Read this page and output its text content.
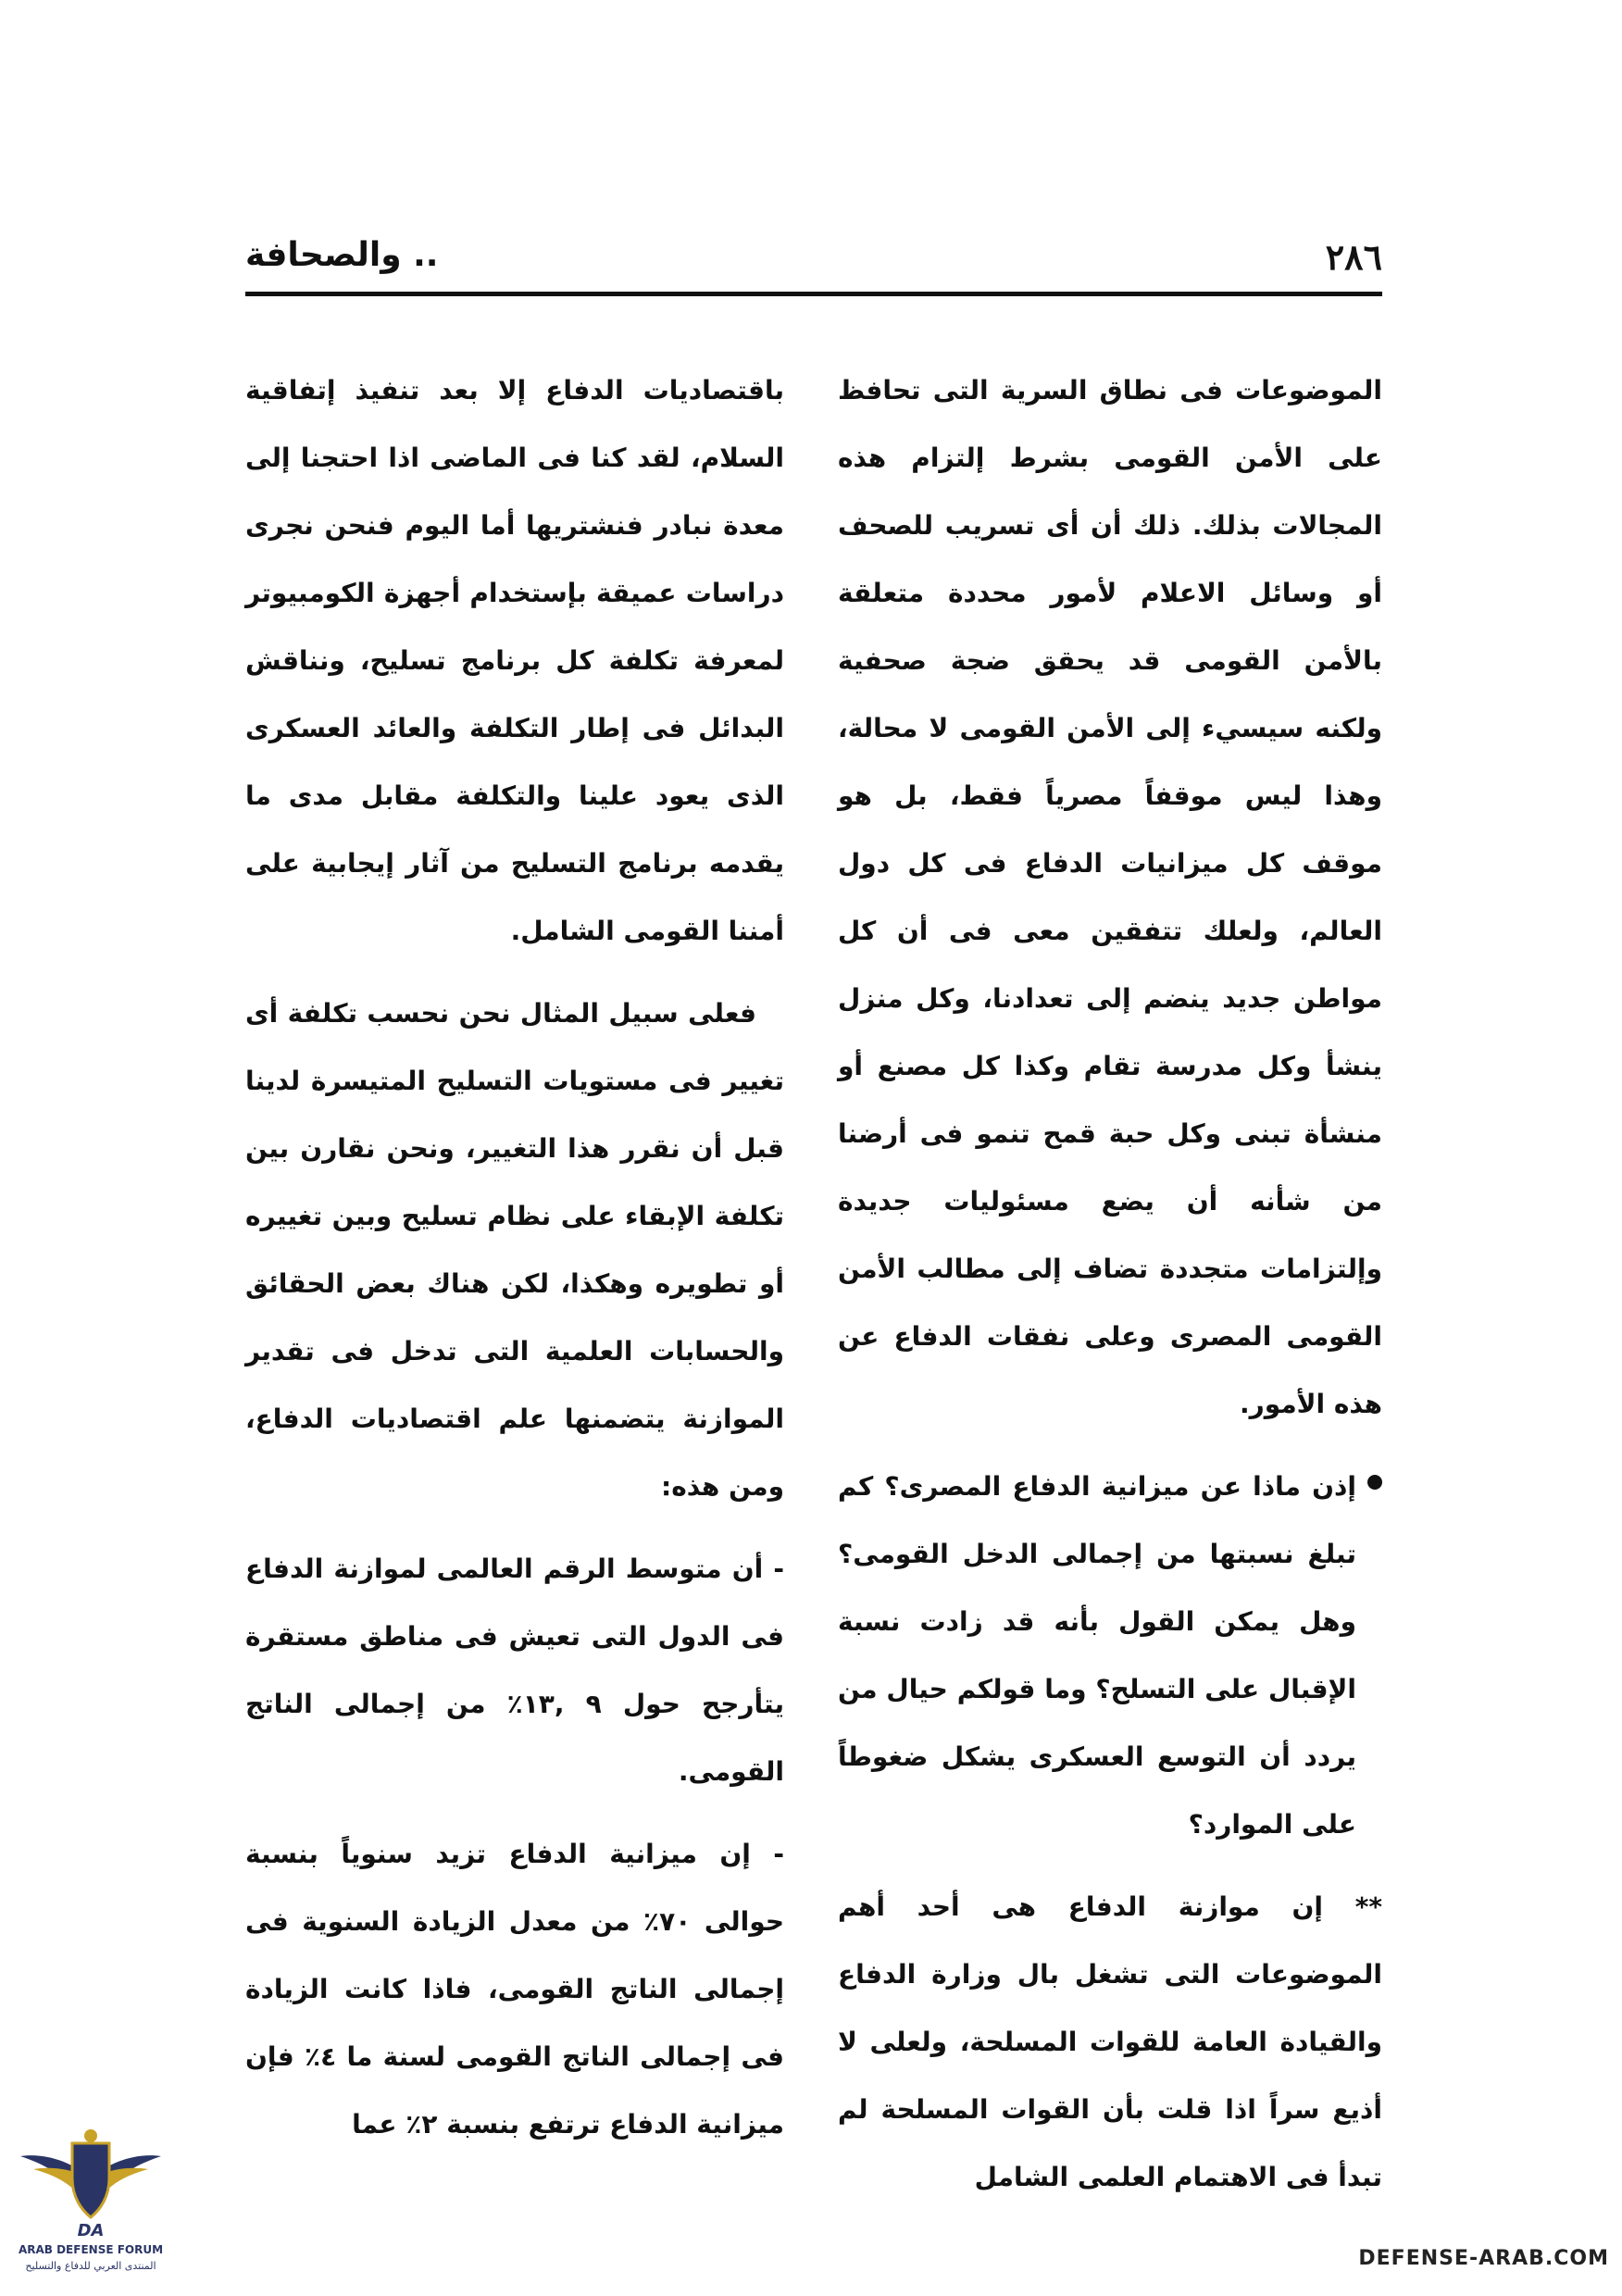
٢٨٦
.. والصحافة

الموضوعات فى نطاق السرية التى تحافظ على الأمن القومى بشرط إلتزام هذه المجالات بذلك. ذلك أن أى تسريب للصحف أو وسائل الاعلام لأمور محددة متعلقة بالأمن القومى قد يحقق ضجة صحفية ولكنه سيسيء إلى الأمن القومى لا محالة، وهذا ليس موقفاً مصرياً فقط، بل هو موقف كل ميزانيات الدفاع فى كل دول العالم، ولعلك تتفقين معى فى أن كل مواطن جديد ينضم إلى تعدادنا، وكل منزل ينشأ وكل مدرسة تقام وكذا كل مصنع أو منشأة تبنى وكل حبة قمح تنمو فى أرضنا من شأنه أن يضع مسئوليات جديدة وإلتزامات متجددة تضاف إلى مطالب الأمن القومى المصرى وعلى نفقات الدفاع عن هذه الأمور.

إذن ماذا عن ميزانية الدفاع المصرى؟ كم تبلغ نسبتها من إجمالى الدخل القومى؟ وهل يمكن القول بأنه قد زادت نسبة الإقبال على التسلح؟ وما قولكم حيال من يردد أن التوسع العسكرى يشكل ضغوطاً على الموارد؟

** إن موازنة الدفاع هى أحد أهم الموضوعات التى تشغل بال وزارة الدفاع والقيادة العامة للقوات المسلحة، ولعلى لا أذيع سراً اذا قلت بأن القوات المسلحة لم تبدأ فى الاهتمام العلمى الشامل

باقتصاديات الدفاع إلا بعد تنفيذ إتفاقية السلام، لقد كنا فى الماضى اذا احتجنا إلى معدة نبادر فنشتريها أما اليوم فنحن نجرى دراسات عميقة بإستخدام أجهزة الكومبيوتر لمعرفة تكلفة كل برنامج تسليح، ونناقش البدائل فى إطار التكلفة والعائد العسكرى الذى يعود علينا والتكلفة مقابل مدى ما يقدمه برنامج التسليح من آثار إيجابية على أمننا القومى الشامل.

فعلى سبيل المثال نحن نحسب تكلفة أى تغيير فى مستويات التسليح المتيسرة لدينا قبل أن نقرر هذا التغيير، ونحن نقارن بين تكلفة الإبقاء على نظام تسليح وبين تغييره أو تطويره وهكذا، لكن هناك بعض الحقائق والحسابات العلمية التى تدخل فى تقدير الموازنة يتضمنها علم اقتصاديات الدفاع، ومن هذه:

- أن متوسط الرقم العالمى لموازنة الدفاع فى الدول التى تعيش فى مناطق مستقرة يتأرجح حول ٩ ,١٣٪ من إجمالى الناتج القومى.

- إن ميزانية الدفاع تزيد سنوياً بنسبة حوالى ٧٠٪ من معدل الزيادة السنوية فى إجمالى الناتج القومى، فاذا كانت الزيادة فى إجمالى الناتج القومى لسنة ما ٤٪ فإن ميزانية الدفاع ترتفع بنسبة ٢٪ عما

DA
ARAB DEFENSE FORUM
المنتدى العربي للدفاع والتسليح	DEFENSE-ARAB.COM
